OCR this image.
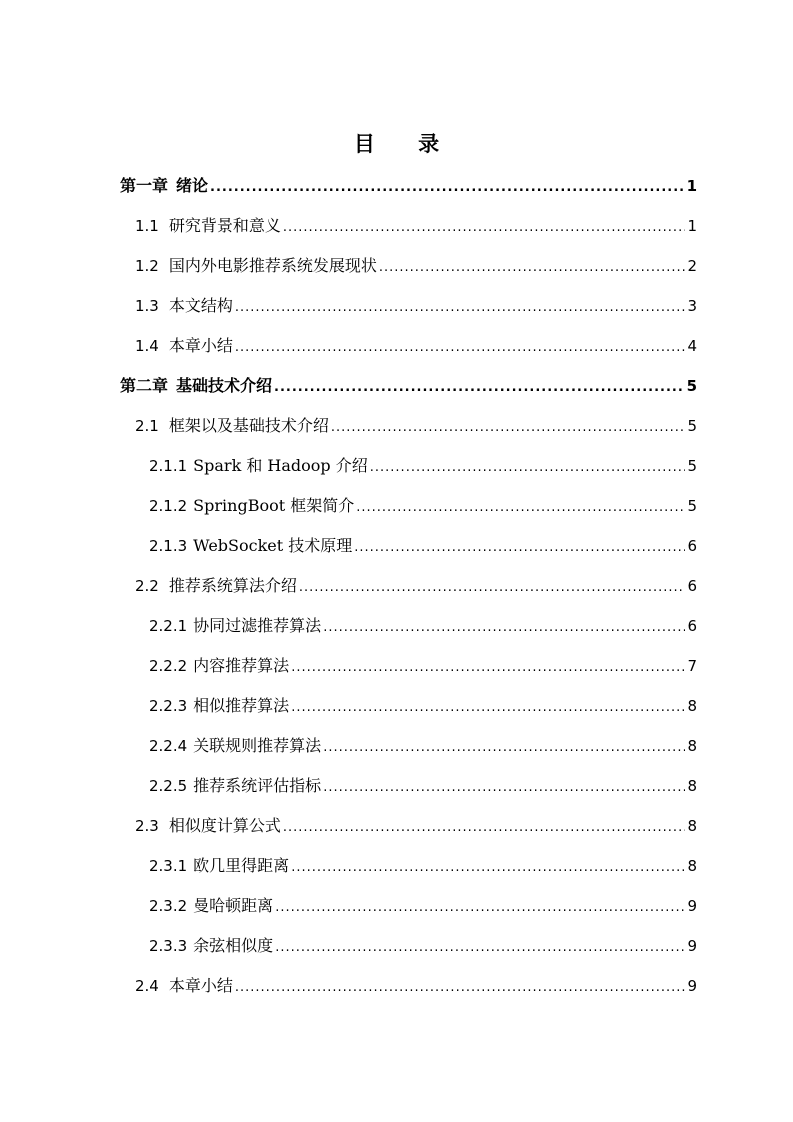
目 录
第一章 绪论 .....	1
1.1 研究背景和意义 .....	1
1.2 国内外电影推荐系统发展现状 .....	2
1.3 本文结构 .....	3
1.4 本章小结 .....	4
第二章 基础技术介绍 .....	5
2.1 框架以及基础技术介绍 .....	5
2.1.1 Spark 和 Hadoop 介绍 .....	5
2.1.2 SpringBoot 框架简介 .....	5
2.1.3 WebSocket 技术原理 .....	6
2.2 推荐系统算法介绍 .....	6
2.2.1 协同过滤推荐算法 .....	6
2.2.2 内容推荐算法 .....	7
2.2.3 相似推荐算法 .....	8
2.2.4 关联规则推荐算法 .....	8
2.2.5 推荐系统评估指标 .....	8
2.3 相似度计算公式 .....	8
2.3.1 欧几里得距离 .....	8
2.3.2 曼哈顿距离 .....	9
2.3.3 余弦相似度 .....	9
2.4 本章小结 .....	9
